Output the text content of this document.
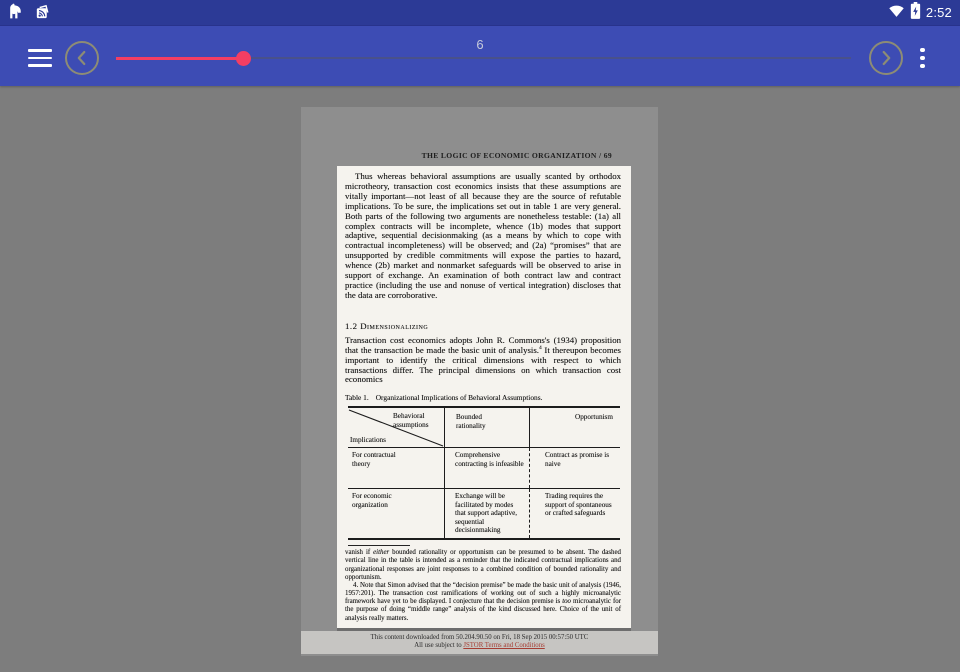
2:52
6
THE LOGIC OF ECONOMIC ORGANIZATION / 69
Thus whereas behavioral assumptions are usually scanted by orthodox microtheory, transaction cost economics insists that these assumptions are vitally important—not least of all because they are the source of refutable implications. To be sure, the implications set out in table 1 are very general. Both parts of the following two arguments are nonetheless testable: (1a) all complex contracts will be incomplete, whence (1b) modes that support adaptive, sequential decisionmaking (as a means by which to cope with contractual incompleteness) will be observed; and (2a) “promises” that are unsupported by credible commitments will expose the parties to hazard, whence (2b) market and nonmarket safeguards will be observed to arise in support of exchange. An examination of both contract law and contract practice (including the use and nonuse of vertical integration) discloses that the data are corroborative.
1.2 Dimensionalizing
Transaction cost economics adopts John R. Commons's (1934) proposition that the transaction be made the basic unit of analysis.$^4$ It thereupon becomes important to identify the critical dimensions with respect to which transactions differ. The principal dimensions on which transaction cost economics
Table 1. Organizational Implications of Behavioral Assumptions.
Behavioral assumptions
Implications
Bounded rationality
Opportunism
For contractual theory
Comprehensive contracting is infeasible
Contract as promise is naive
For economic organization
Exchange will be facilitated by modes that support adaptive, sequential decisionmaking
Trading requires the support of spontaneous or crafted safeguards
vanish if either bounded rationality or opportunism can be presumed to be absent. The dashed vertical line in the table is intended as a reminder that the indicated contractual implications and organizational responses are joint responses to a combined condition of bounded rationality and opportunism.
4. Note that Simon advised that the “decision premise” be made the basic unit of analysis (1946, 1957:201). The transaction cost ramifications of working out of such a highly microanalytic framework have yet to be displayed. I conjecture that the decision premise is too microanalytic for the purpose of doing “middle range” analysis of the kind discussed here. Choice of the unit of analysis really matters.
This content downloaded from 50.204.90.50 on Fri, 18 Sep 2015 00:57:50 UTC
All use subject to JSTOR Terms and Conditions
